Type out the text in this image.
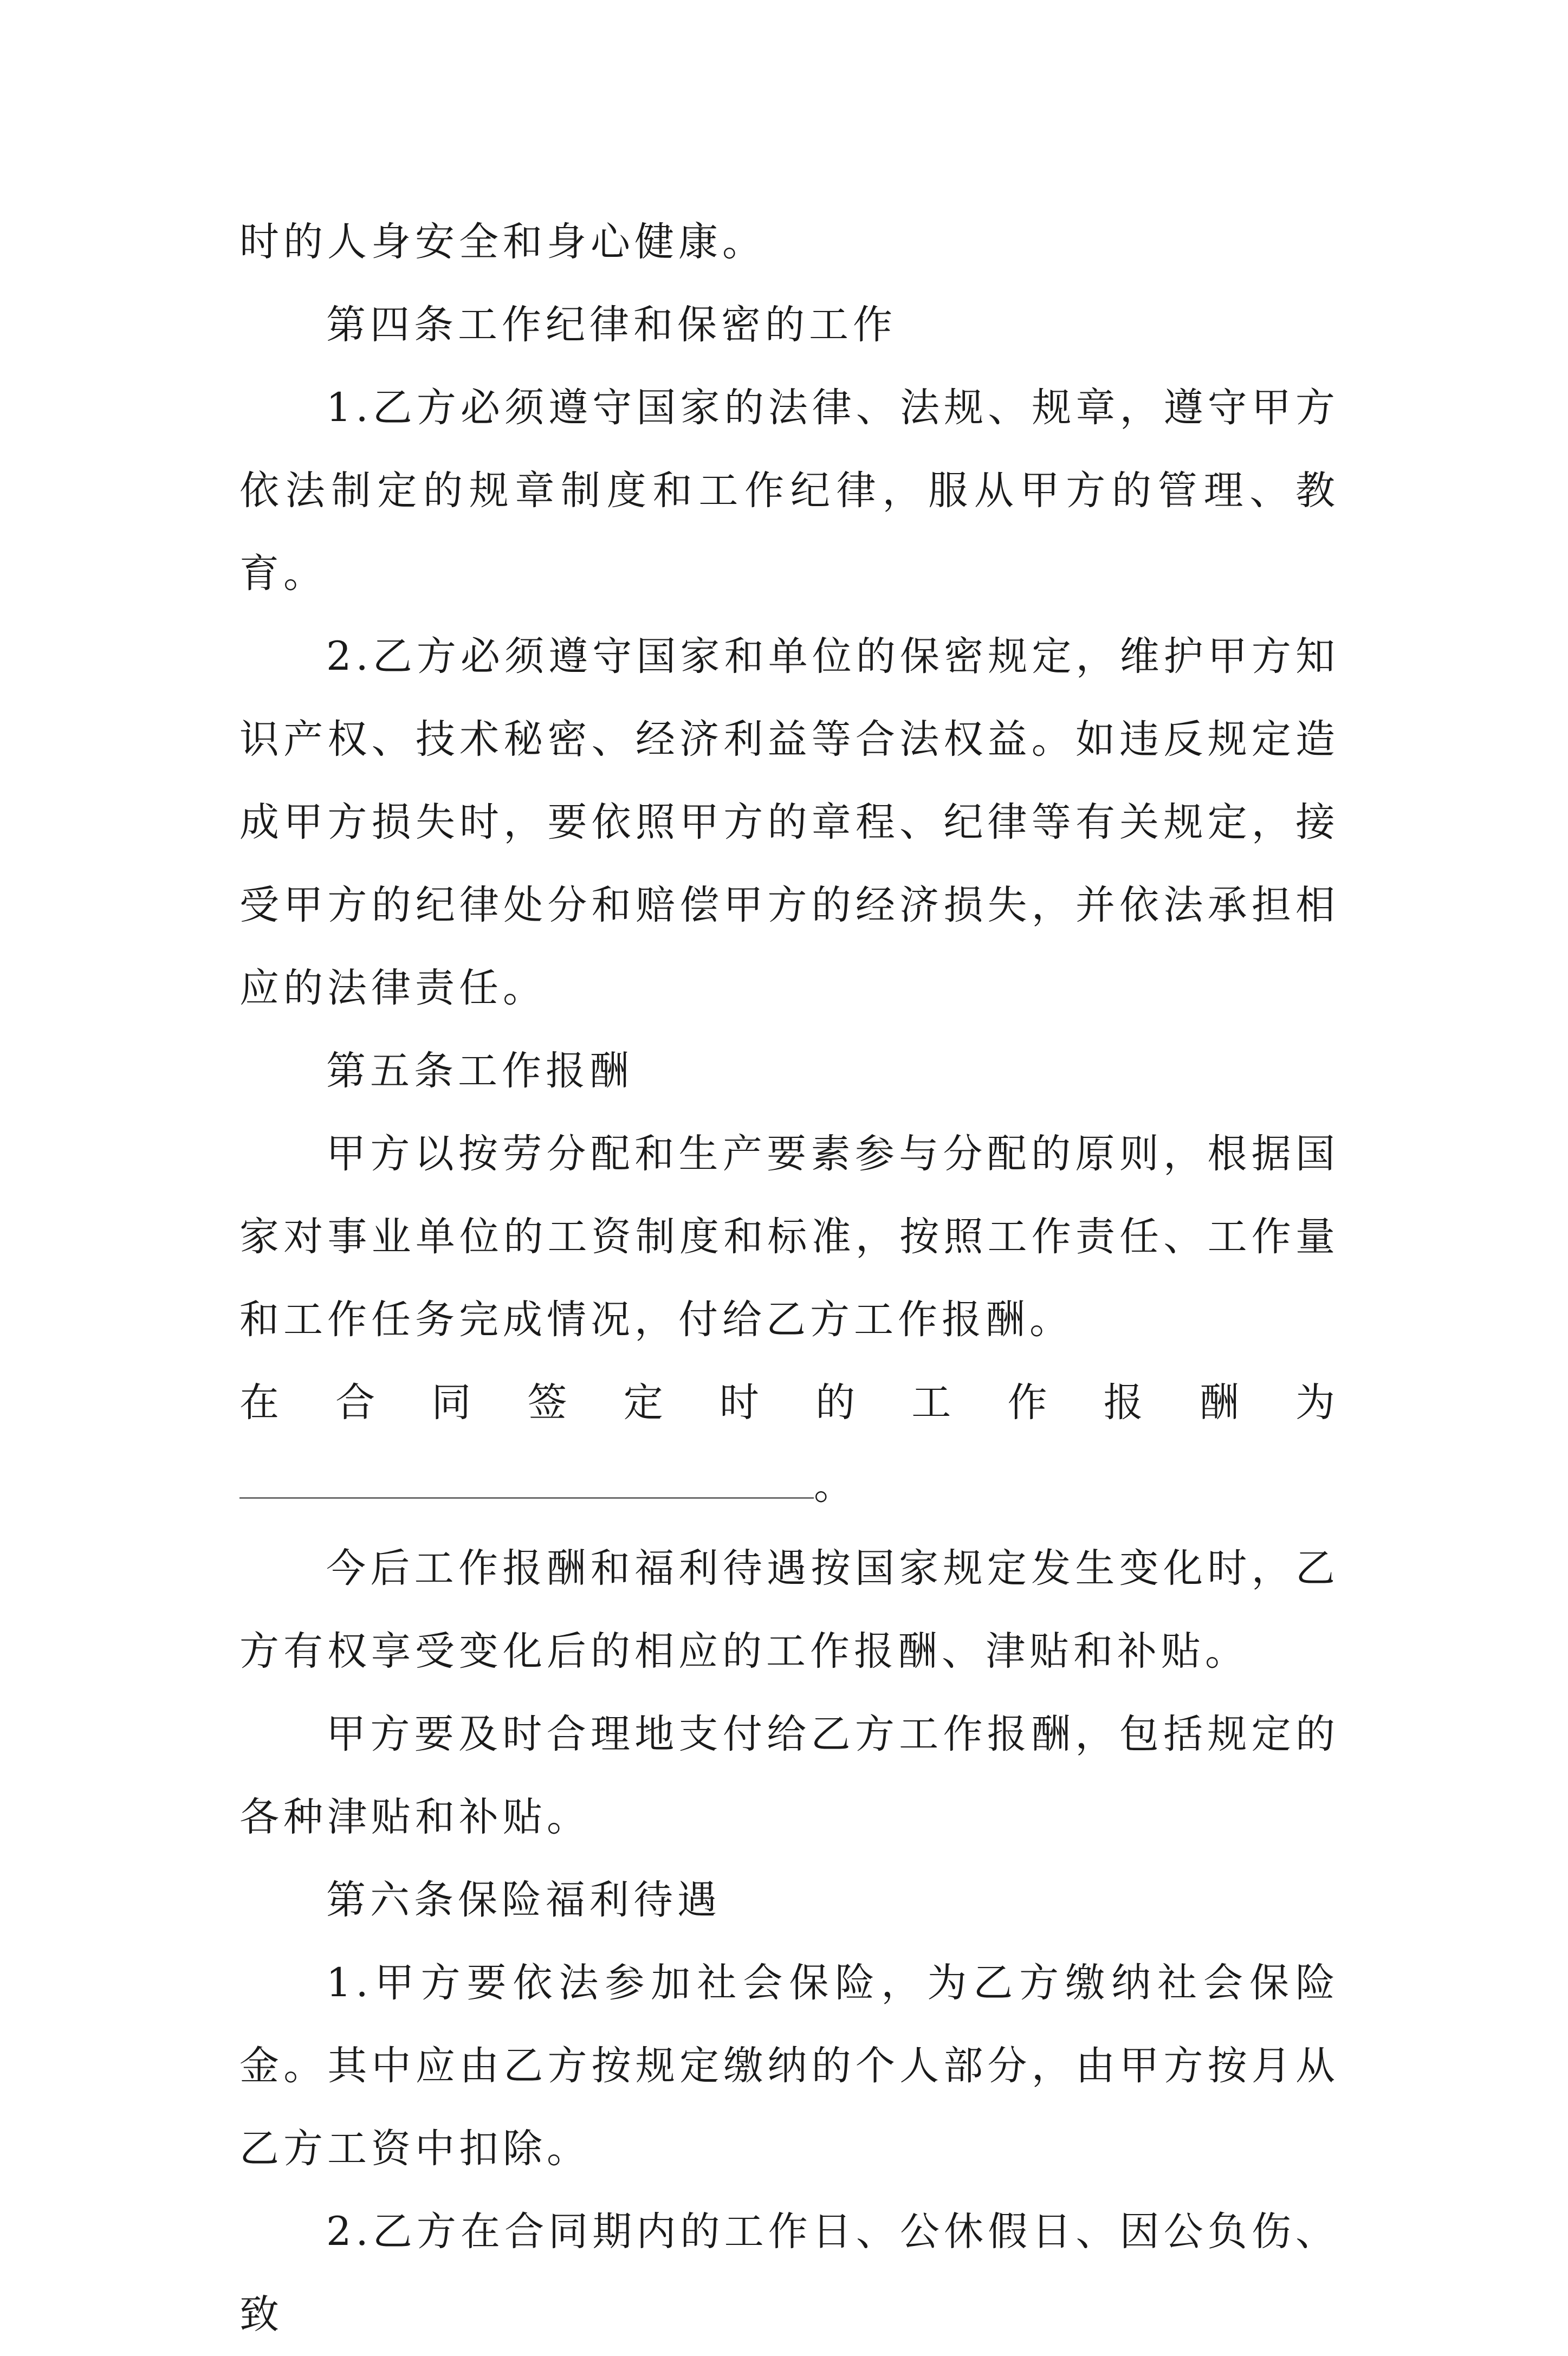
时的人身安全和身心健康。

第四条工作纪律和保密的工作

1.乙方必须遵守国家的法律、法规、规章，遵守甲方依法制定的规章制度和工作纪律，服从甲方的管理、教育。

2.乙方必须遵守国家和单位的保密规定，维护甲方知识产权、技术秘密、经济利益等合法权益。如违反规定造成甲方损失时，要依照甲方的章程、纪律等有关规定，接受甲方的纪律处分和赔偿甲方的经济损失，并依法承担相应的法律责任。

第五条工作报酬

甲方以按劳分配和生产要素参与分配的原则，根据国家对事业单位的工资制度和标准，按照工作责任、工作量和工作任务完成情况，付给乙方工作报酬。

在合同签定时的工作报酬为

。

今后工作报酬和福利待遇按国家规定发生变化时，乙方有权享受变化后的相应的工作报酬、津贴和补贴。

甲方要及时合理地支付给乙方工作报酬，包括规定的各种津贴和补贴。

第六条保险福利待遇

1.甲方要依法参加社会保险，为乙方缴纳社会保险金。其中应由乙方按规定缴纳的个人部分，由甲方按月从乙方工资中扣除。

2.乙方在合同期内的工作日、公休假日、因公负伤、致
